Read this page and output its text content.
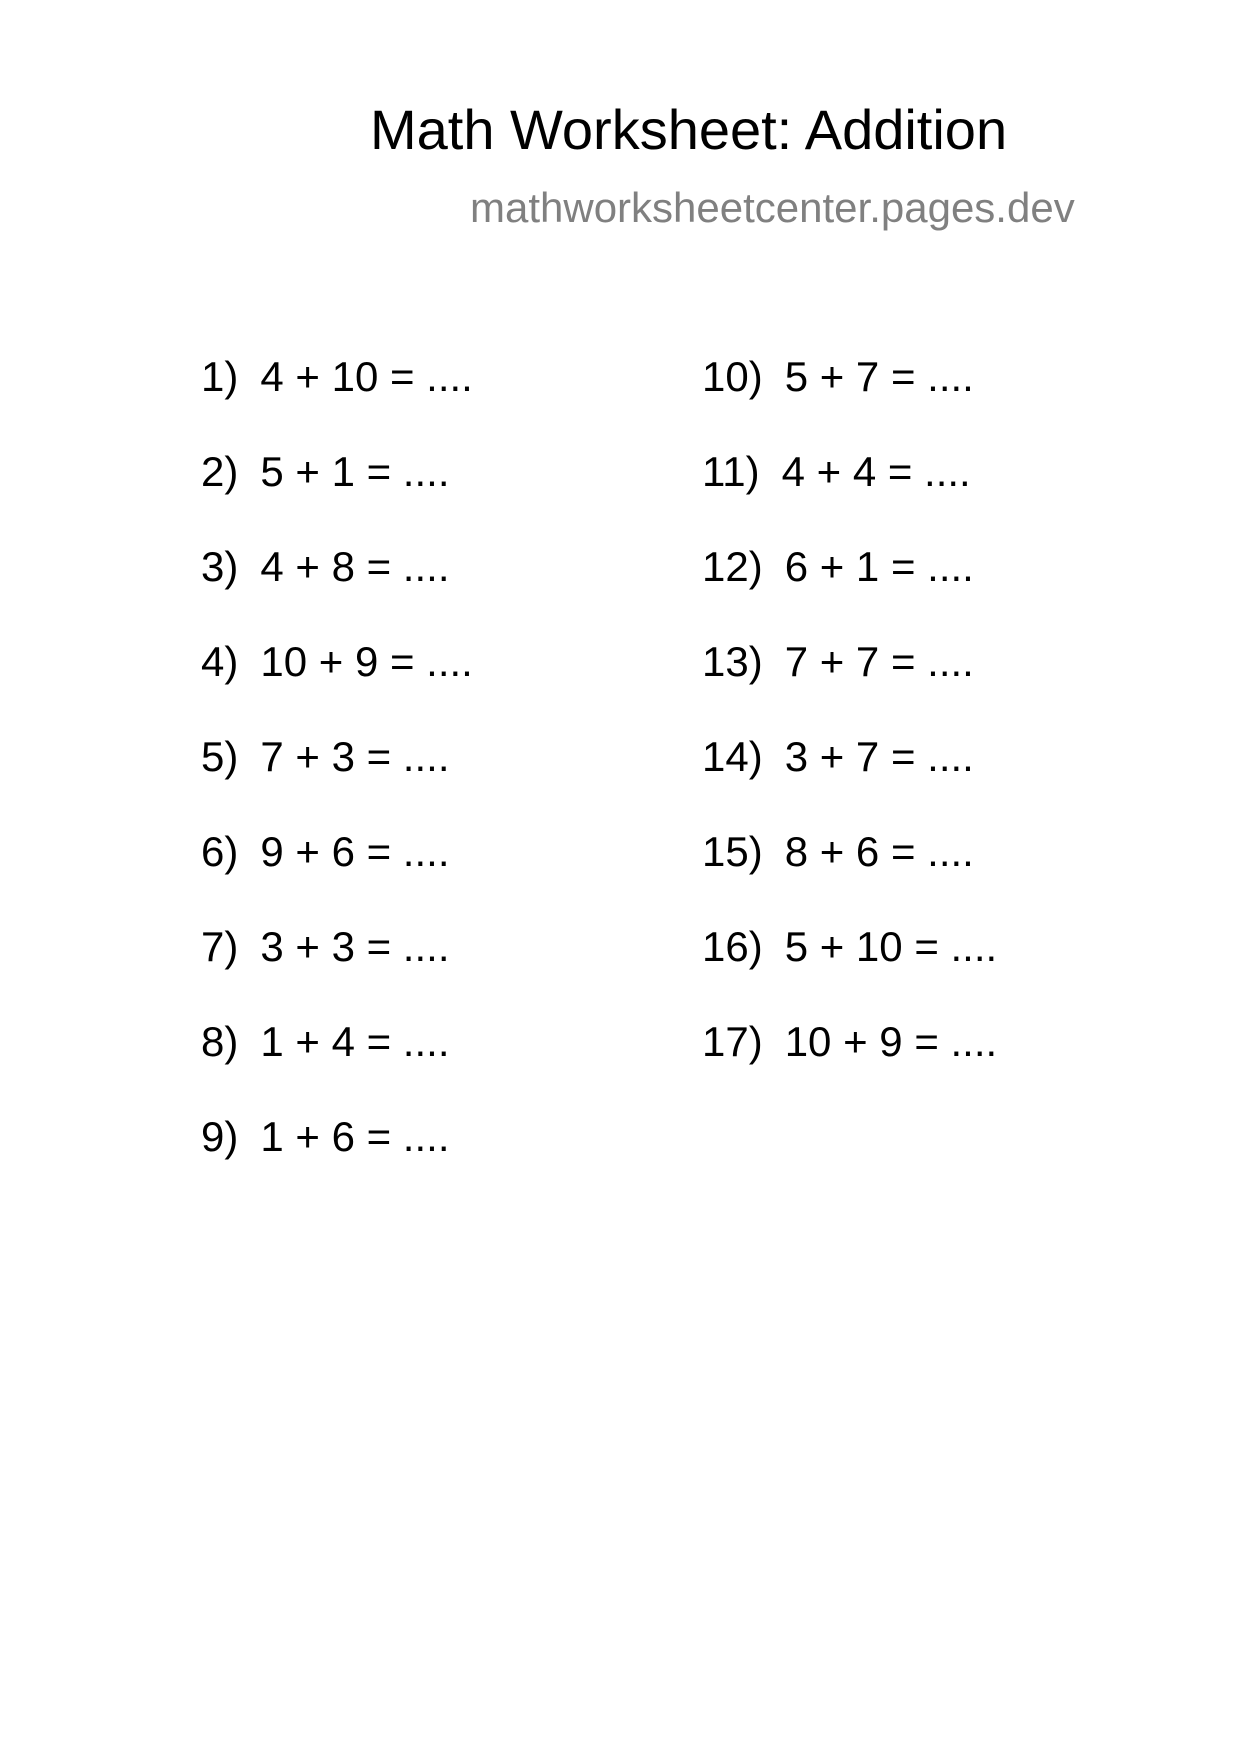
Math Worksheet: Addition
mathworksheetcenter.pages.dev
1) 4 + 10 = ....
2) 5 + 1 = ....
3) 4 + 8 = ....
4) 10 + 9 = ....
5) 7 + 3 = ....
6) 9 + 6 = ....
7) 3 + 3 = ....
8) 1 + 4 = ....
9) 1 + 6 = ....
10) 5 + 7 = ....
11) 4 + 4 = ....
12) 6 + 1 = ....
13) 7 + 7 = ....
14) 3 + 7 = ....
15) 8 + 6 = ....
16) 5 + 10 = ....
17) 10 + 9 = ....
